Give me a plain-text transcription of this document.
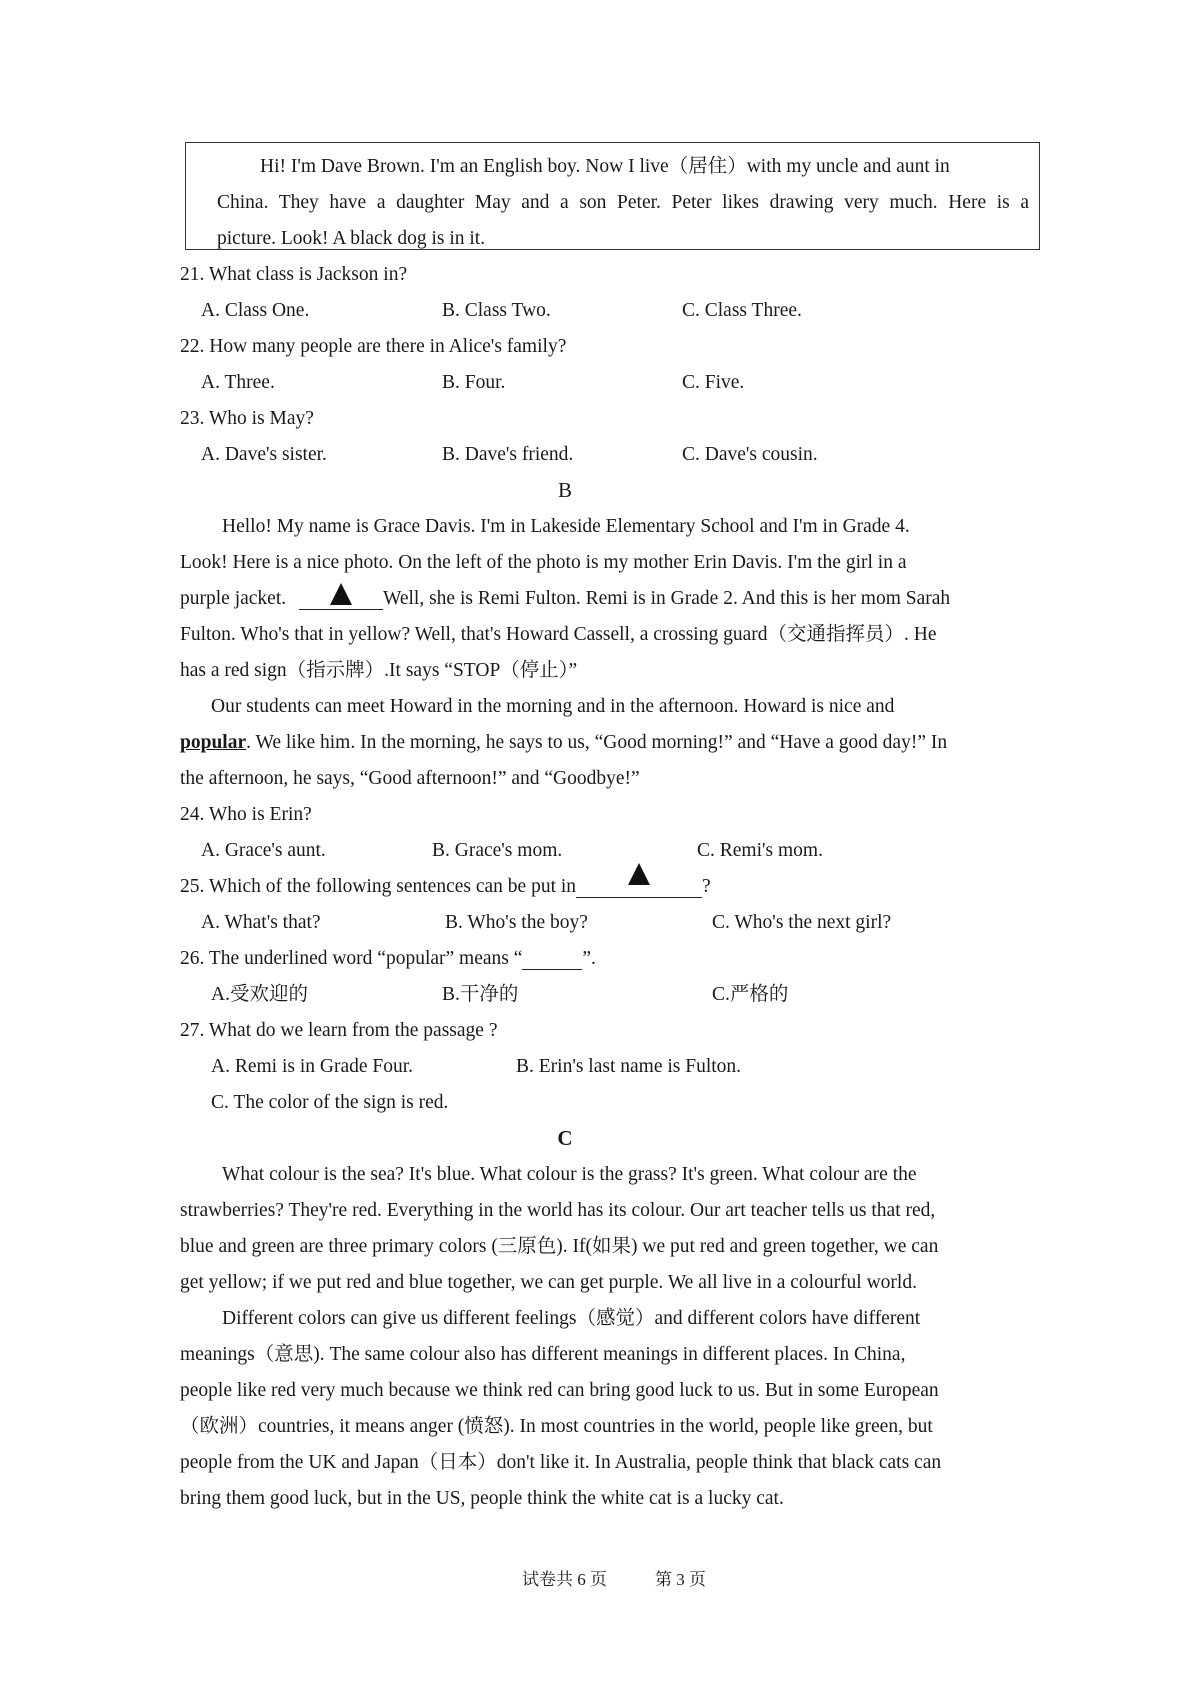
Hi! I'm Dave Brown. I'm an English boy. Now I live（居住）with my uncle and aunt in
China. They have a daughter May and a son Peter. Peter likes drawing very much. Here is a
picture. Look! A black dog is in it.
21. What class is Jackson in?
A. Class One.	B. Class Two.	C. Class Three.
22. How many people are there in Alice's family?
A. Three.	B. Four.	C. Five.
23. Who is May?
A. Dave's sister.	B. Dave's friend.	C. Dave's cousin.
B
Hello! My name is Grace Davis. I'm in Lakeside Elementary School and I'm in Grade 4.
Look! Here is a nice photo. On the left of the photo is my mother Erin Davis. I'm the girl in a
purple jacket.	Well, she is Remi Fulton. Remi is in Grade 2. And this is her mom Sarah
Fulton. Who's that in yellow? Well, that's Howard Cassell, a crossing guard（交通指挥员）. He
has a red sign（指示牌）.It says “STOP（停止）”
Our students can meet Howard in the morning and in the afternoon. Howard is nice and
popular. We like him. In the morning, he says to us, “Good morning!” and “Have a good day!” In
the afternoon, he says, “Good afternoon!” and “Goodbye!”
24. Who is Erin?
A. Grace's aunt.	B. Grace's mom.	C. Remi's mom.
25. Which of the following sentences can be put in	?
A. What's that?	B. Who's the boy?	C. Who's the next girl?
26. The underlined word “popular” means “	”.
A.受欢迎的	B.干净的	C.严格的
27. What do we learn from the passage ?
A. Remi is in Grade Four.	B. Erin's last name is Fulton.
C. The color of the sign is red.
C
What colour is the sea? It's blue. What colour is the grass? It's green. What colour are the
strawberries? They're red. Everything in the world has its colour. Our art teacher tells us that red,
blue and green are three primary colors (三原色). If(如果) we put red and green together, we can
get yellow; if we put red and blue together, we can get purple. We all live in a colourful world.
Different colors can give us different feelings（感觉）and different colors have different
meanings（意思). The same colour also has different meanings in different places. In China,
people like red very much because we think red can bring good luck to us. But in some European
（欧洲）countries, it means anger (愤怒). In most countries in the world, people like green, but
people from the UK and Japan（日本）don't like it. In Australia, people think that black cats can
bring them good luck, but in the US, people think the white cat is a lucky cat.
试卷共 6 页	第 3 页
